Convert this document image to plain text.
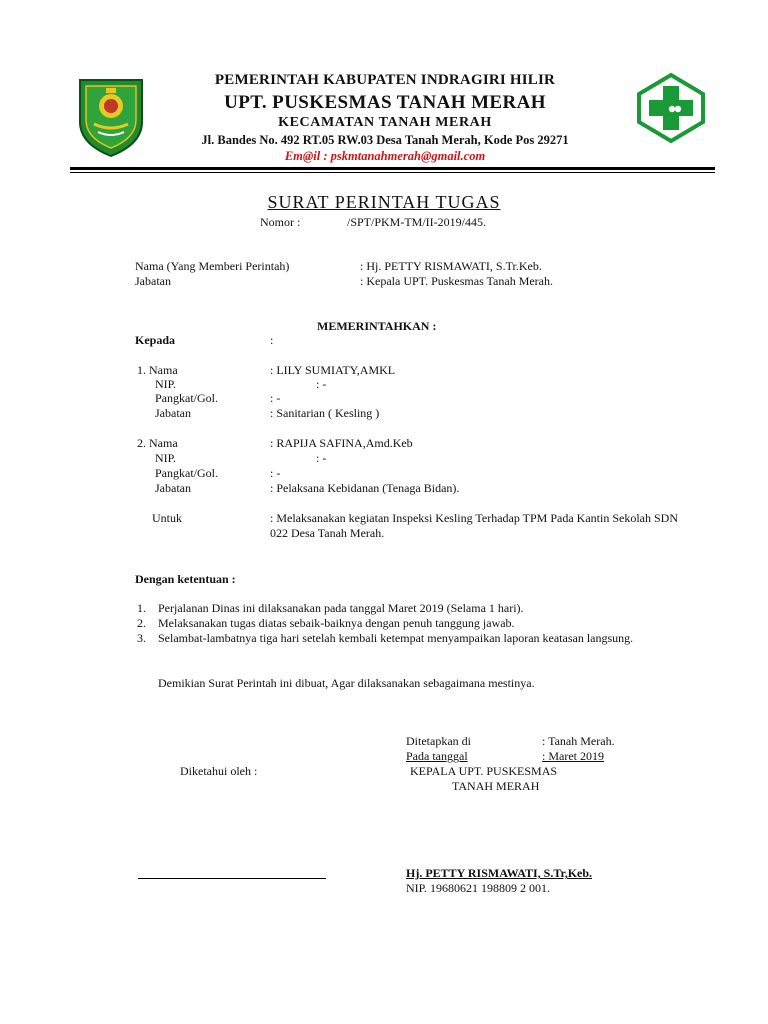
PEMERINTAH KABUPATEN INDRAGIRI HILIR
UPT. PUSKESMAS TANAH MERAH
KECAMATAN TANAH MERAH
Jl. Bandes No. 492 RT.05 RW.03 Desa Tanah Merah, Kode Pos 29271
Em@il : pskmtanahmerah@gmail.com
SURAT PERINTAH TUGAS
Nomor :	/SPT/PKM-TM/II-2019/445.
Nama (Yang Memberi Perintah)	: Hj. PETTY RISMAWATI, S.Tr.Keb.
Jabatan	: Kepala UPT. Puskesmas Tanah Merah.
MEMERINTAHKAN :
Kepada	:
1. Nama	: LILY SUMIATY,AMKL
NIP.	: -
Pangkat/Gol.	: -
Jabatan	: Sanitarian ( Kesling )
2. Nama	: RAPIJA SAFINA,Amd.Keb
NIP.	: -
Pangkat/Gol.	: -
Jabatan	: Pelaksana Kebidanan (Tenaga Bidan).
Untuk	: Melaksanakan kegiatan Inspeksi Kesling Terhadap TPM Pada Kantin Sekolah SDN 022 Desa Tanah Merah.
Dengan ketentuan :
1. Perjalanan Dinas ini dilaksanakan pada tanggal Maret 2019 (Selama 1 hari).
2. Melaksanakan tugas diatas sebaik-baiknya dengan penuh tanggung jawab.
3. Selambat-lambatnya tiga hari setelah kembali ketempat menyampaikan laporan keatasan langsung.
Demikian Surat Perintah ini dibuat, Agar dilaksanakan sebagaimana mestinya.
Ditetapkan di	: Tanah Merah.
Pada tanggal	: Maret 2019
Diketahui oleh :	KEPALA UPT. PUSKESMAS
TANAH MERAH
Hj. PETTY RISMAWATI, S.Tr,Keb.
NIP. 19680621 198809 2 001.
